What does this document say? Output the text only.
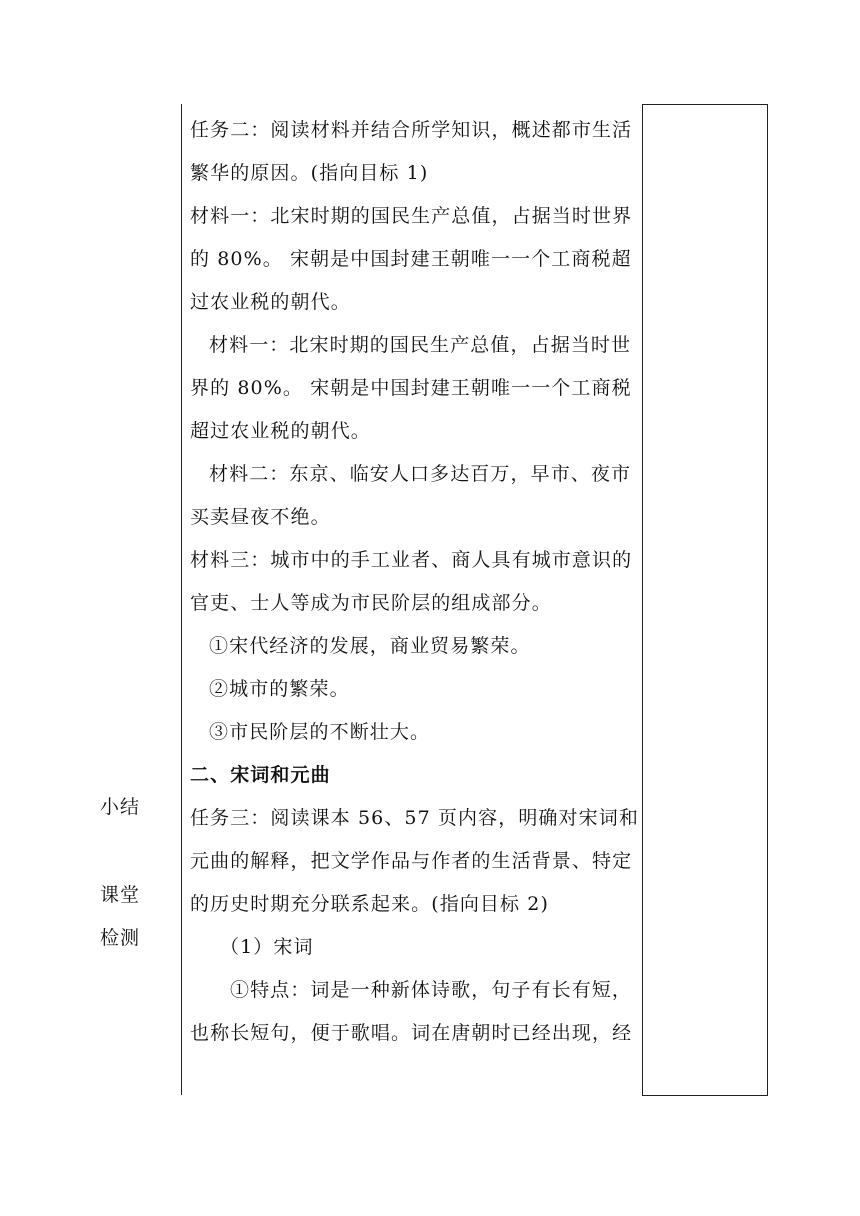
小结
课堂
检测

任务二：阅读材料并结合所学知识，概述都市生活繁华的原因。(指向目标 1)

材料一：北宋时期的国民生产总值，占据当时世界的 80%。 宋朝是中国封建王朝唯一一个工商税超过农业税的朝代。

材料一：北宋时期的国民生产总值，占据当时世界的 80%。 宋朝是中国封建王朝唯一一个工商税超过农业税的朝代。

材料二：东京、临安人口多达百万，早市、夜市买卖昼夜不绝。

材料三：城市中的手工业者、商人具有城市意识的官吏、士人等成为市民阶层的组成部分。

①宋代经济的发展，商业贸易繁荣。

②城市的繁荣。

③市民阶层的不断壮大。

二、宋词和元曲

任务三：阅读课本 56、57 页内容，明确对宋词和元曲的解释，把文学作品与作者的生活背景、特定的历史时期充分联系起来。(指向目标 2)

（1）宋词

①特点：词是一种新体诗歌，句子有长有短，也称长短句，便于歌唱。词在唐朝时已经出现，经
